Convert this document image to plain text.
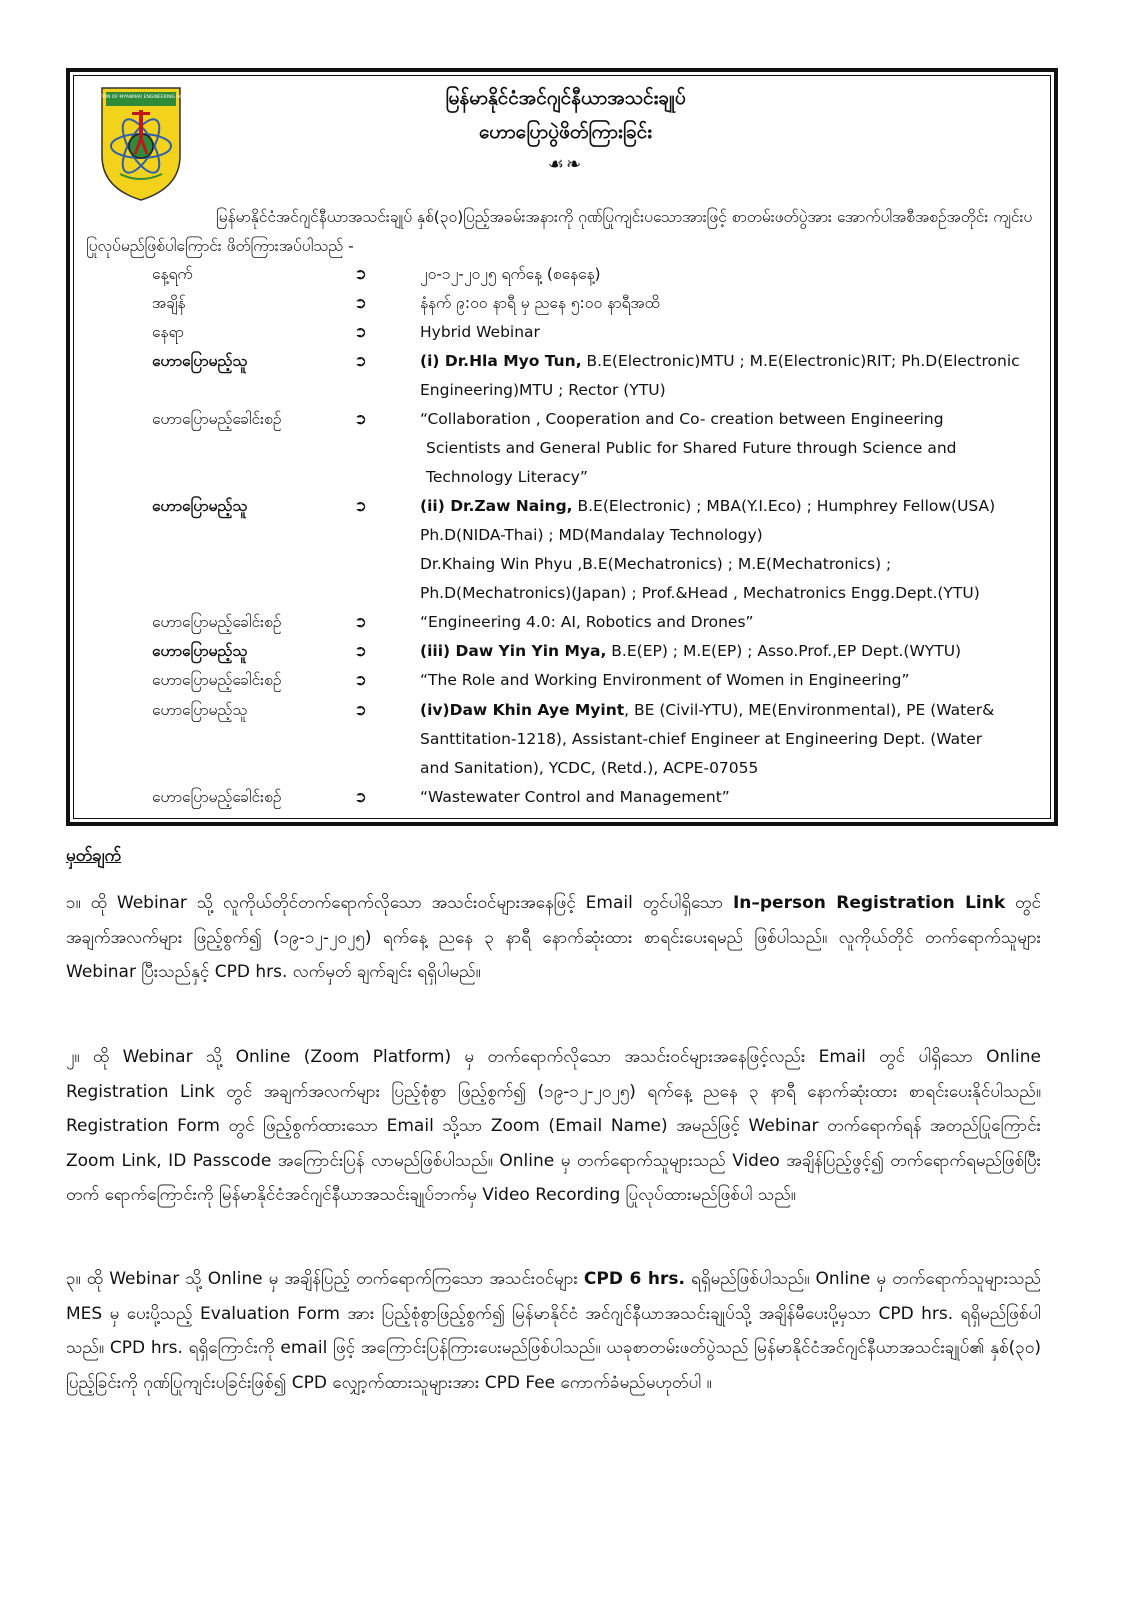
FEDERATION OF MYANMAR ENGINEERING SOCIETIES	မြန်မာနိုင်ငံအင်ဂျင်နီယာအသင်းချုပ်
ဟောပြောပွဲဖိတ်ကြားခြင်း
☙❧
မြန်မာနိုင်ငံအင်ဂျင်နီယာအသင်းချုပ် နှစ်(၃၀)ပြည့်အခမ်းအနားကို ဂုဏ်ပြုကျင်းပသောအားဖြင့် စာတမ်းဖတ်ပွဲအား အောက်ပါအစီအစဉ်အတိုင်း ကျင်းပပြုလုပ်မည်ဖြစ်ပါကြောင်း ဖိတ်ကြားအပ်ပါသည် -
နေ့ရက်	➲	၂၀-၁၂-၂၀၂၅ ရက်နေ့ (စနေနေ့)
အချိန်	➲	နံနက် ၉:၀၀ နာရီ မှ ညနေ ၅:၀၀ နာရီအထိ
နေရာ	➲	Hybrid Webinar
ဟောပြောမည့်သူ	➲	(i) Dr.Hla Myo Tun, B.E(Electronic)MTU ; M.E(Electronic)RIT; Ph.D(Electronic
Engineering)MTU ; Rector (YTU)
ဟောပြောမည့်ခေါင်းစဉ်	➲	“Collaboration , Cooperation and Co- creation between Engineering
Scientists and General Public for Shared Future through Science and
Technology Literacy”
ဟောပြောမည့်သူ	➲	(ii) Dr.Zaw Naing, B.E(Electronic) ; MBA(Y.I.Eco) ; Humphrey Fellow(USA)
Ph.D(NIDA-Thai) ; MD(Mandalay Technology)
Dr.Khaing Win Phyu ,B.E(Mechatronics) ; M.E(Mechatronics) ;
Ph.D(Mechatronics)(Japan) ; Prof.&Head , Mechatronics Engg.Dept.(YTU)
ဟောပြောမည့်ခေါင်းစဉ်	➲	“Engineering 4.0: AI, Robotics and Drones”
ဟောပြောမည့်သူ	➲	(iii) Daw Yin Yin Mya, B.E(EP) ; M.E(EP) ; Asso.Prof.,EP Dept.(WYTU)
ဟောပြောမည့်ခေါင်းစဉ်	➲	“The Role and Working Environment of Women in Engineering”
ဟောပြောမည့်သူ	➲	(iv)Daw Khin Aye Myint, BE (Civil-YTU), ME(Environmental), PE (Water&
Santtitation-1218), Assistant-chief Engineer at Engineering Dept. (Water
and Sanitation), YCDC, (Retd.), ACPE-07055
ဟောပြောမည့်ခေါင်းစဉ်	➲	“Wastewater Control and Management”
မှတ်ချက်
၁။ ထို Webinar သို့ လူကိုယ်တိုင်တက်ရောက်လိုသော အသင်းဝင်များအနေဖြင့် Email တွင်ပါရှိသော In–person Registration Link တွင် အချက်အလက်များ ဖြည့်စွက်၍ (၁၉-၁၂-၂၀၂၅) ရက်နေ့ ညနေ ၃ နာရီ နောက်ဆုံးထား စာရင်းပေးရမည် ဖြစ်ပါသည်။ လူကိုယ်တိုင် တက်ရောက်သူများ Webinar ပြီးသည်နှင့် CPD hrs. လက်မှတ် ချက်ချင်း ရရှိပါမည်။
၂။ ထို Webinar သို့ Online (Zoom Platform) မှ တက်ရောက်လိုသော အသင်းဝင်များအနေဖြင့်လည်း Email တွင် ပါရှိသော Online Registration Link တွင် အချက်အလက်များ ပြည့်စုံစွာ ဖြည့်စွက်၍ (၁၉-၁၂-၂၀၂၅) ရက်နေ့ ညနေ ၃ နာရီ နောက်ဆုံးထား စာရင်းပေးနိုင်ပါသည်။ Registration Form တွင် ဖြည့်စွက်ထားသော Email သို့သာ Zoom (Email Name) အမည်ဖြင့် Webinar တက်ရောက်ရန် အတည်ပြုကြောင်း Zoom Link, ID Passcode အကြောင်းပြန် လာမည်ဖြစ်ပါသည်။ Online မှ တက်ရောက်သူများသည် Video အချိန်ပြည့်ဖွင့်၍ တက်ရောက်ရမည်ဖြစ်ပြီး တက် ရောက်ကြောင်းကို မြန်မာနိုင်ငံအင်ဂျင်နီယာအသင်းချုပ်ဘက်မှ Video Recording ပြုလုပ်ထားမည်ဖြစ်ပါ သည်။
၃။ ထို Webinar သို့ Online မှ အချိန်ပြည့် တက်ရောက်ကြသော အသင်းဝင်များ CPD 6 hrs. ရရှိမည်ဖြစ်ပါသည်။ Online မှ တက်ရောက်သူများသည် MES မှ ပေးပို့သည့် Evaluation Form အား ပြည့်စုံစွာဖြည့်စွက်၍ မြန်မာနိုင်ငံ အင်ဂျင်နီယာအသင်းချုပ်သို့ အချိန်မီပေးပို့မှသာ CPD hrs. ရရှိမည်ဖြစ်ပါ သည်။ CPD hrs. ရရှိကြောင်းကို email ဖြင့် အကြောင်းပြန်ကြားပေးမည်ဖြစ်ပါသည်။ ယခုစာတမ်းဖတ်ပွဲသည် မြန်မာနိုင်ငံအင်ဂျင်နီယာအသင်းချုပ်၏ နှစ်(၃၀) ပြည့်ခြင်းကို ဂုဏ်ပြုကျင်းပခြင်းဖြစ်၍ CPD လျှော့က်ထားသူများအား CPD Fee ကောက်ခံမည်မဟုတ်ပါ ။
